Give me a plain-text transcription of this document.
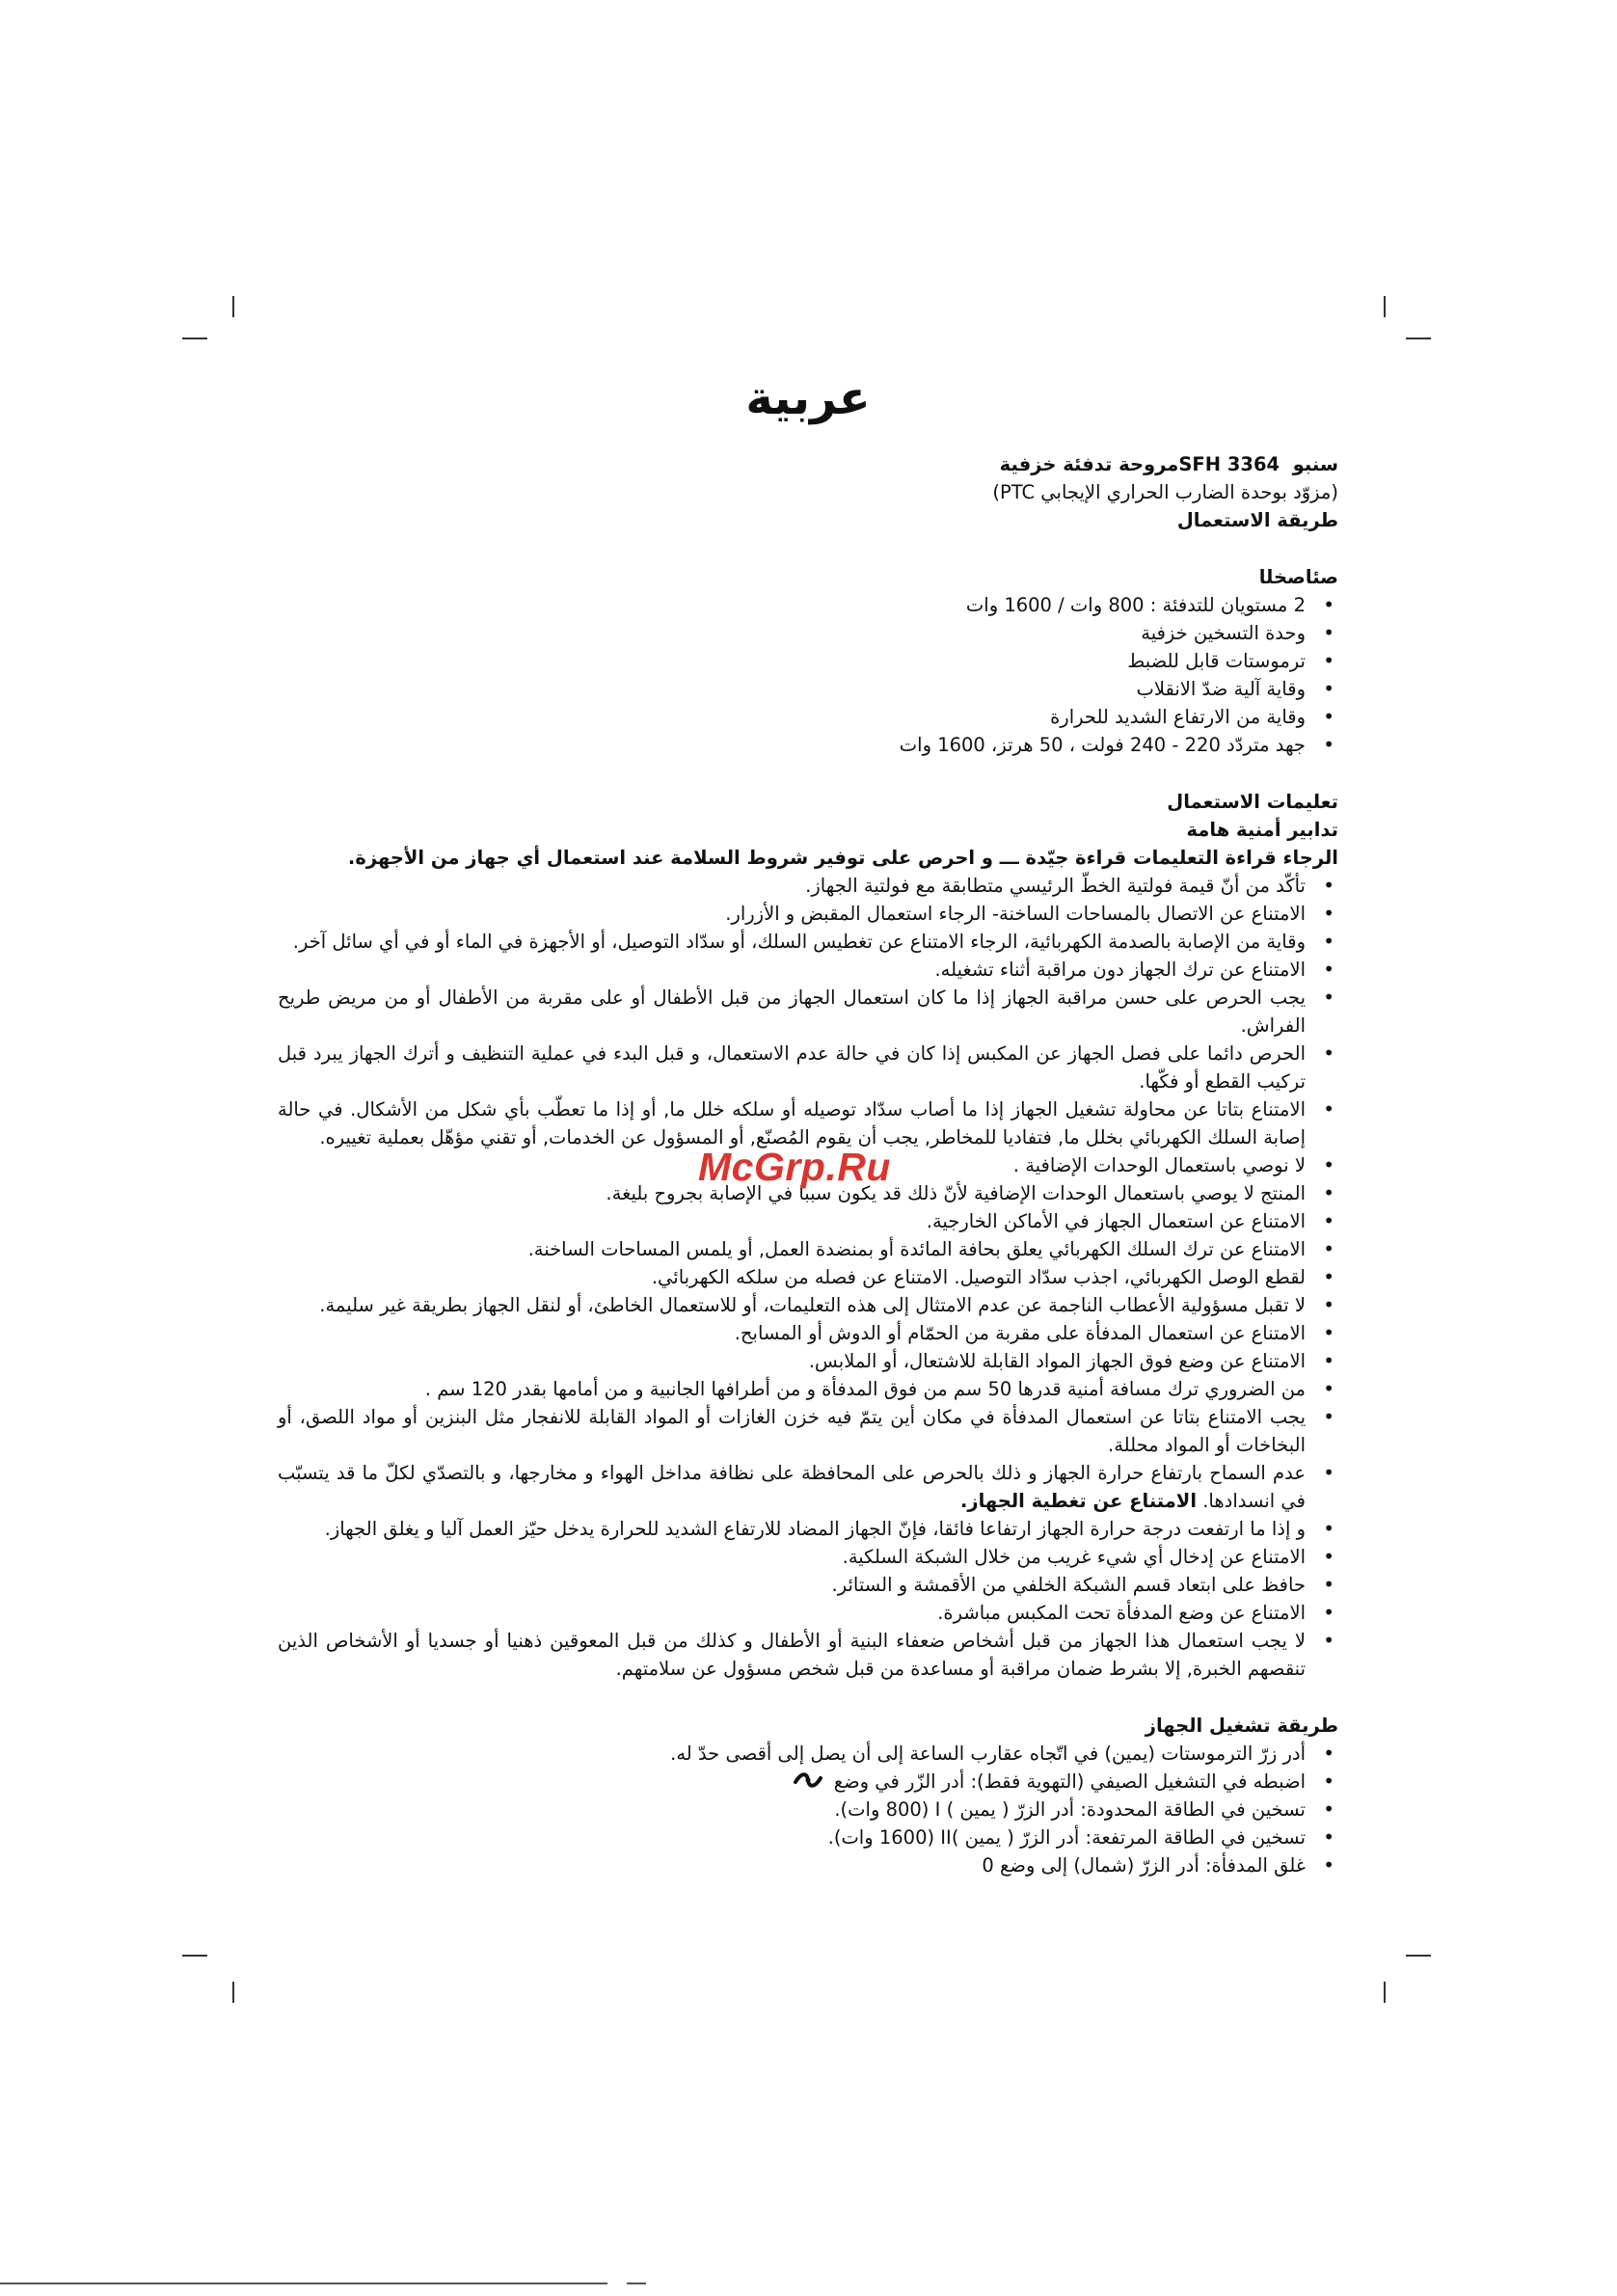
عربية

سنبو  SFH 3364مروحة تدفئة خزفية

(مزوّد بوحدة الضارب الحراري الإيجابي PTC)

طريقة الاستعمال

ص‍ئاص‍خ‍ل‍ا

• 2 مستويان للتدفئة : 800 وات / 1600 وات
• وحدة التسخين خزفية
• ترموستات قابل للضبط
• وقاية آلية ضدّ الانقلاب
• وقاية من الارتفاع الشديد للحرارة
• جهد متردّد 220 - 240 فولت ، 50 هرتز، 1600 وات

تعليمات الاستعمال

تدابير أمنية هامة

الرجاء قراءة التعليمات قراءة جيّدة ـــ و احرص على توفير شروط السلامة عند استعمال أي جهاز من الأجهزة.

• تأكّد من أنّ قيمة فولتية الخطّ الرئيسي متطابقة مع فولتية الجهاز.
• الامتناع عن الاتصال بالمساحات الساخنة- الرجاء استعمال المقبض و الأزرار.
• وقاية من الإصابة بالصدمة الكهربائية، الرجاء الامتناع عن تغطيس السلك، أو سدّاد التوصيل، أو الأجهزة في الماء أو في أي سائل آخر.
• الامتناع عن ترك الجهاز دون مراقبة أثناء تشغيله.
• يجب الحرص على حسن مراقبة الجهاز إذا ما كان استعمال الجهاز من قبل الأطفال أو على مقربة من الأطفال أو من مريض طريح الفراش.
• الحرص دائما على فصل الجهاز عن المكبس إذا كان في حالة عدم الاستعمال، و قبل البدء في عملية التنظيف و أترك الجهاز يبرد قبل تركيب القطع أو فكّها.
• الامتناع بتاتا عن محاولة تشغيل الجهاز إذا ما أصاب سدّاد توصيله أو سلكه خلل ما, أو إذا ما تعطّب بأي شكل من الأشكال. في حالة إصابة السلك الكهربائي بخلل ما, فتفاديا للمخاطر, يجب أن يقوم المُصنّع, أو المسؤول عن الخدمات, أو تقني مؤهّل بعملية تغييره.
• لا نوصي باستعمال الوحدات الإضافية .
• المنتج لا يوصي باستعمال الوحدات الإضافية لأنّ ذلك قد يكون سببا في الإصابة بجروح بليغة.
• الامتناع عن استعمال الجهاز في الأماكن الخارجية.
• الامتناع عن ترك السلك الكهربائي يعلق بحافة المائدة أو بمنضدة العمل, أو يلمس المساحات الساخنة.
• لقطع الوصل الكهربائي، اجذب سدّاد التوصيل. الامتناع عن فصله من سلكه الكهربائي.
• لا تقبل مسؤولية الأعطاب الناجمة عن عدم الامتثال إلى هذه التعليمات، أو للاستعمال الخاطئ، أو لنقل الجهاز بطريقة غير سليمة.
• الامتناع عن استعمال المدفأة على مقربة من الحمّام أو الدوش أو المسابح.
• الامتناع عن وضع فوق الجهاز المواد القابلة للاشتعال، أو الملابس.
• من الضروري ترك مسافة أمنية قدرها 50 سم من فوق المدفأة و من أطرافها الجانبية و من أمامها بقدر 120 سم .
• يجب الامتناع بتاتا عن استعمال المدفأة في مكان أين يتمّ فيه خزن الغازات أو المواد القابلة للانفجار مثل البنزين أو مواد اللصق، أو البخاخات أو المواد محللة.
• عدم السماح بارتفاع حرارة الجهاز و ذلك بالحرص على المحافظة على نظافة مداخل الهواء و مخارجها، و بالتصدّي لكلّ ما قد يتسبّب في انسدادها. الامتناع عن تغطية الجهاز.
• و إذا ما ارتفعت درجة حرارة الجهاز ارتفاعا فائقا، فإنّ الجهاز المضاد للارتفاع الشديد للحرارة يدخل حيّز العمل آليا و يغلق الجهاز.
• الامتناع عن إدخال أي شيء غريب من خلال الشبكة السلكية.
• حافظ على ابتعاد قسم الشبكة الخلفي من الأقمشة و الستائر.
• الامتناع عن وضع المدفأة تحت المكبس مباشرة.
• لا يجب استعمال هذا الجهاز من قبل أشخاص ضعفاء البنية أو الأطفال و كذلك من قبل المعوقين ذهنيا أو جسديا أو الأشخاص الذين تنقصهم الخبرة, إلا بشرط ضمان مراقبة أو مساعدة من قبل شخص مسؤول عن سلامتهم.

طريقة تشغيل الجهاز

• أدر زرّ الترموستات (يمين) في اتّجاه عقارب الساعة إلى أن يصل إلى أقصى حدّ له.
• اضبطه في التشغيل الصيفي (التهوية فقط): أدر الزّر في وضع
• تسخين في الطاقة المحدودة: أدر الزرّ ( يمين ) I (800 وات).
• تسخين في الطاقة المرتفعة: أدر الزرّ ( يمين )II (1600 وات).
• غلق المدفأة: أدر الزرّ (شمال) إلى وضع 0
McGrp.Ru
